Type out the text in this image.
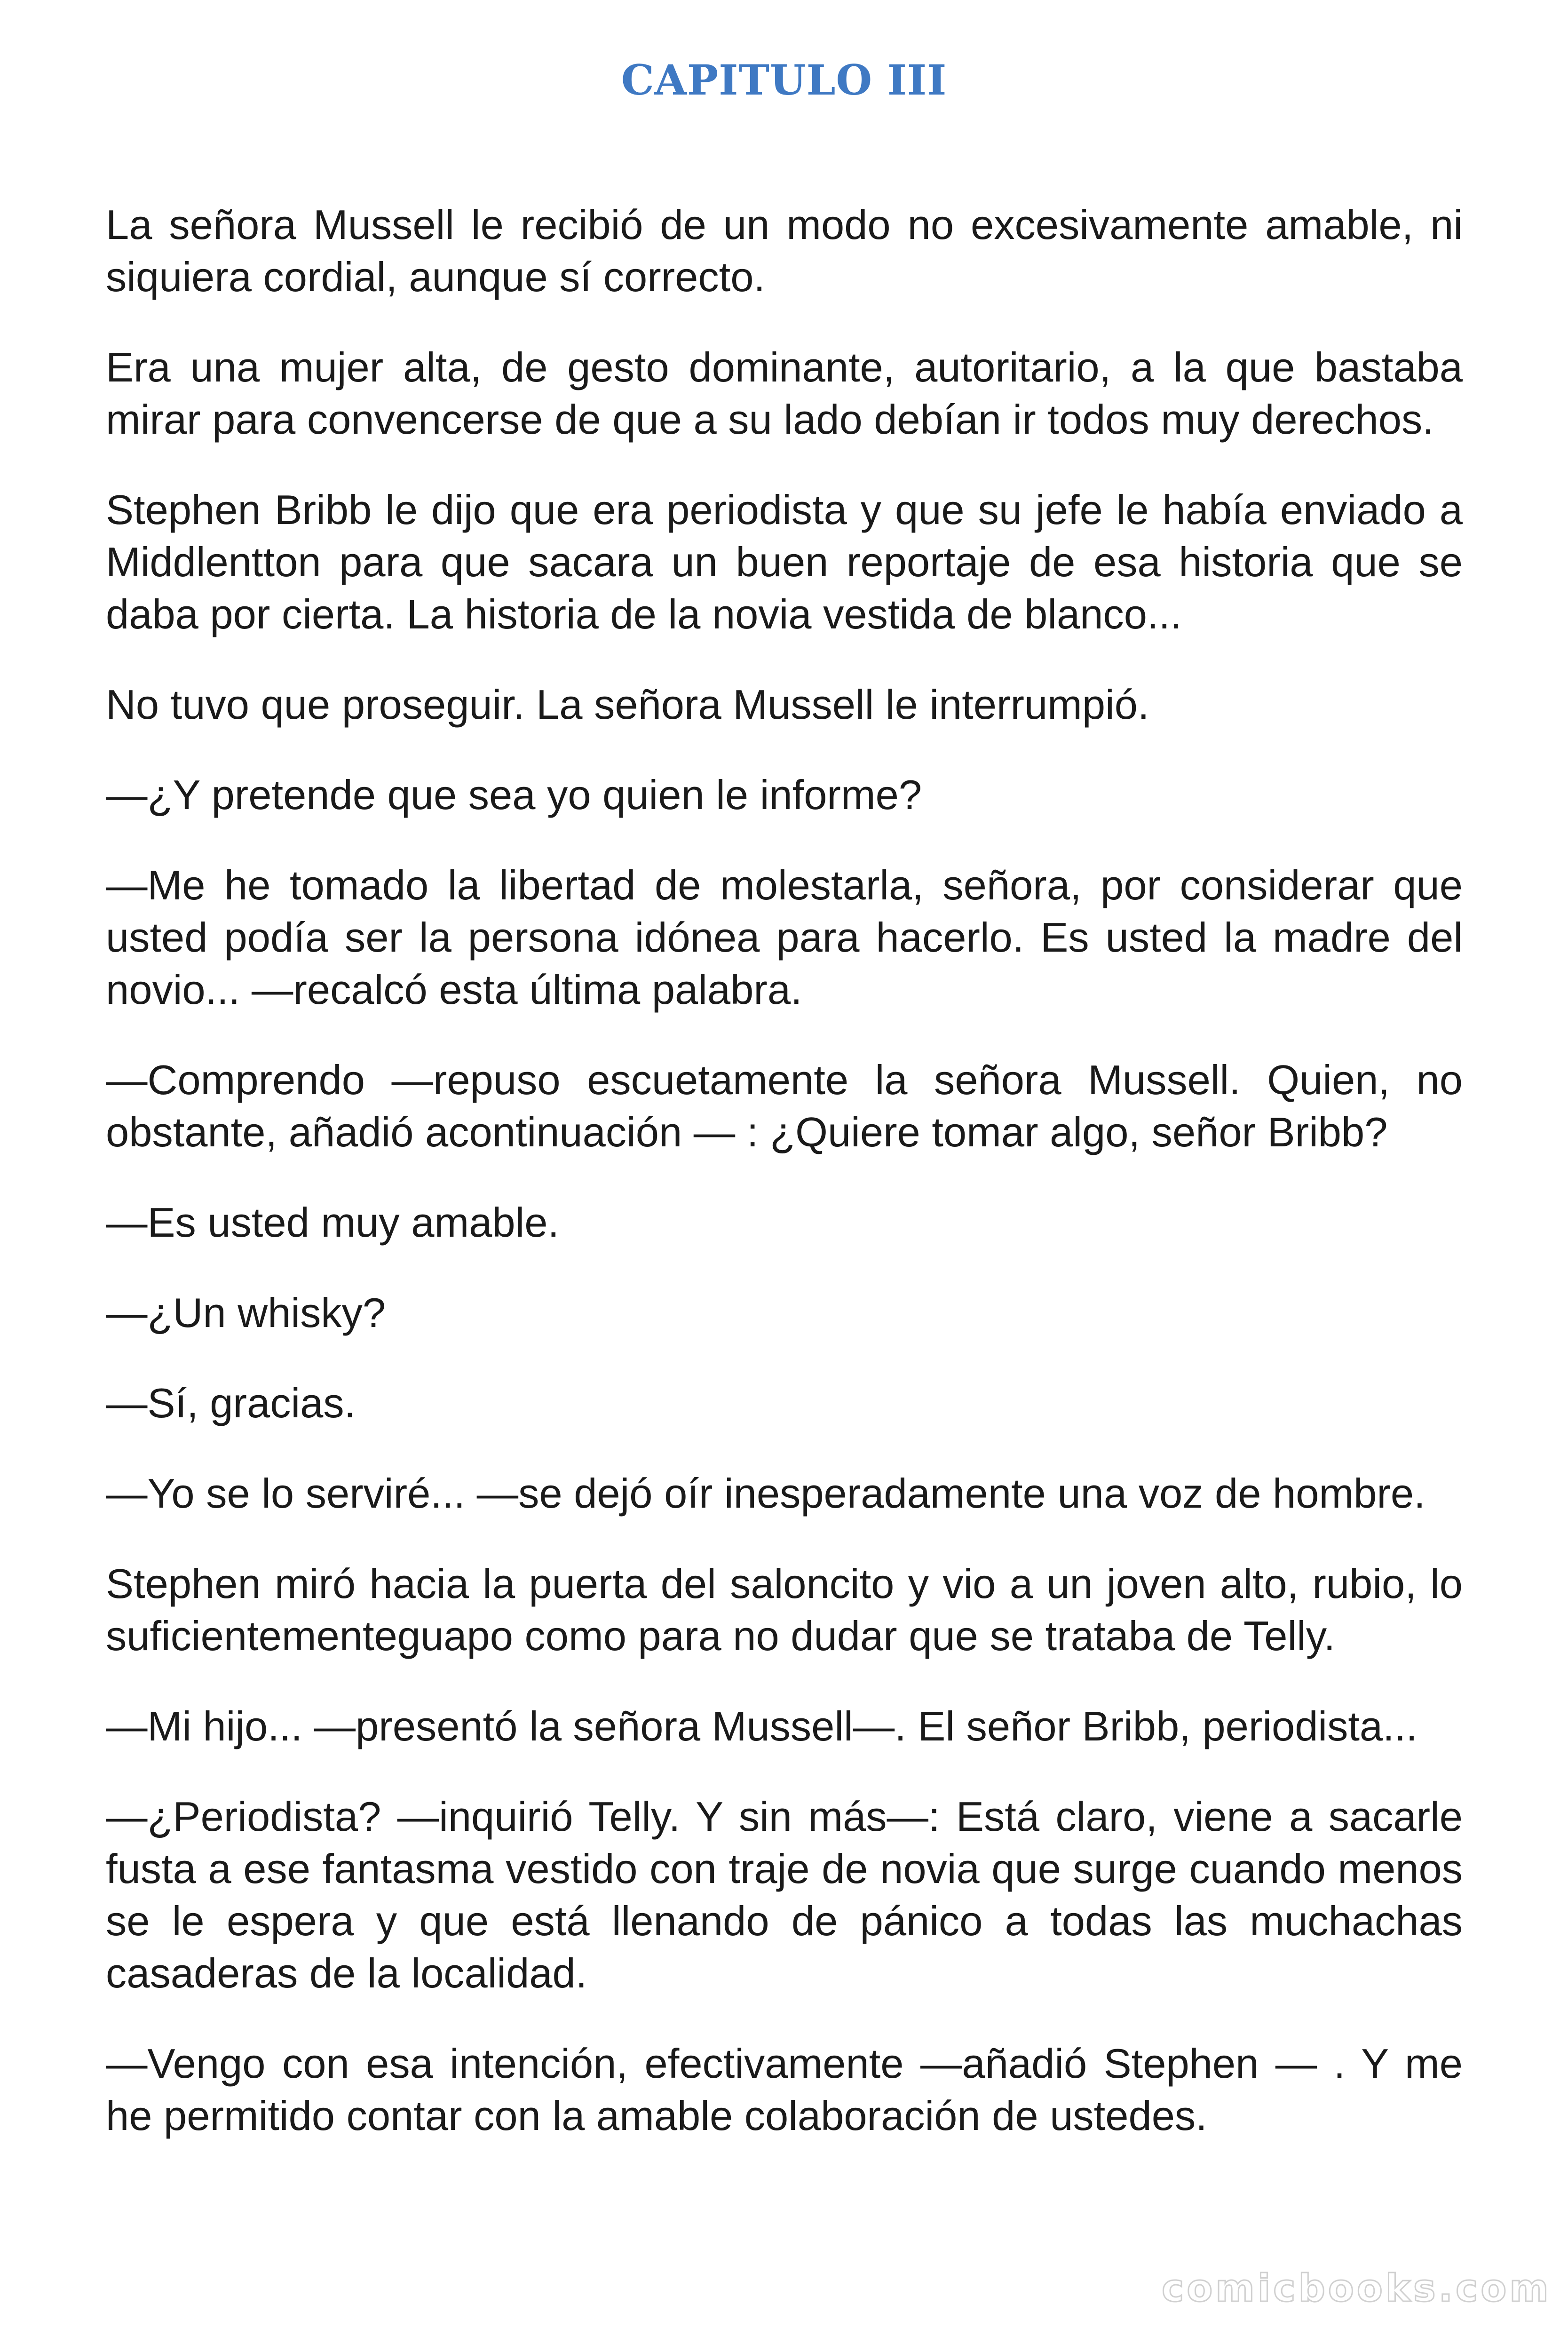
CAPITULO III

La señora Mussell le recibió de un modo no excesivamente amable, ni siquiera cordial, aunque sí correcto.

Era una mujer alta, de gesto dominante, autoritario, a la que bastaba mirar para convencerse de que a su lado debían ir todos muy derechos.

Stephen Bribb le dijo que era periodista y que su jefe le había enviado a Middlentton para que sacara un buen reportaje de esa historia que se daba por cierta. La historia de la novia vestida de blanco...

No tuvo que proseguir. La señora Mussell le interrumpió.

—¿Y pretende que sea yo quien le informe?

—Me he tomado la libertad de molestarla, señora, por considerar que usted podía ser la persona idónea para hacerlo. Es usted la madre del novio... —recalcó esta última palabra.

—Comprendo —repuso escuetamente la señora Mussell. Quien, no obstante, añadió acontinuación — : ¿Quiere tomar algo, señor Bribb?

—Es usted muy amable.

—¿Un whisky?

—Sí, gracias.

—Yo se lo serviré... —se dejó oír inesperadamente una voz de hombre.

Stephen miró hacia la puerta del saloncito y vio a un joven alto, rubio, lo suficientementeguapo como para no dudar que se trataba de Telly.

—Mi hijo... —presentó la señora Mussell—. El señor Bribb, periodista...

—¿Periodista? —inquirió Telly. Y sin más—: Está claro, viene a sacarle fusta a ese fantasma vestido con traje de novia que surge cuando menos se le espera y que está llenando de pánico a todas las muchachas casaderas de la localidad.

—Vengo con esa intención, efectivamente —añadió Stephen — . Y me he permitido contar con la amable colaboración de ustedes.

comicbooks.com
